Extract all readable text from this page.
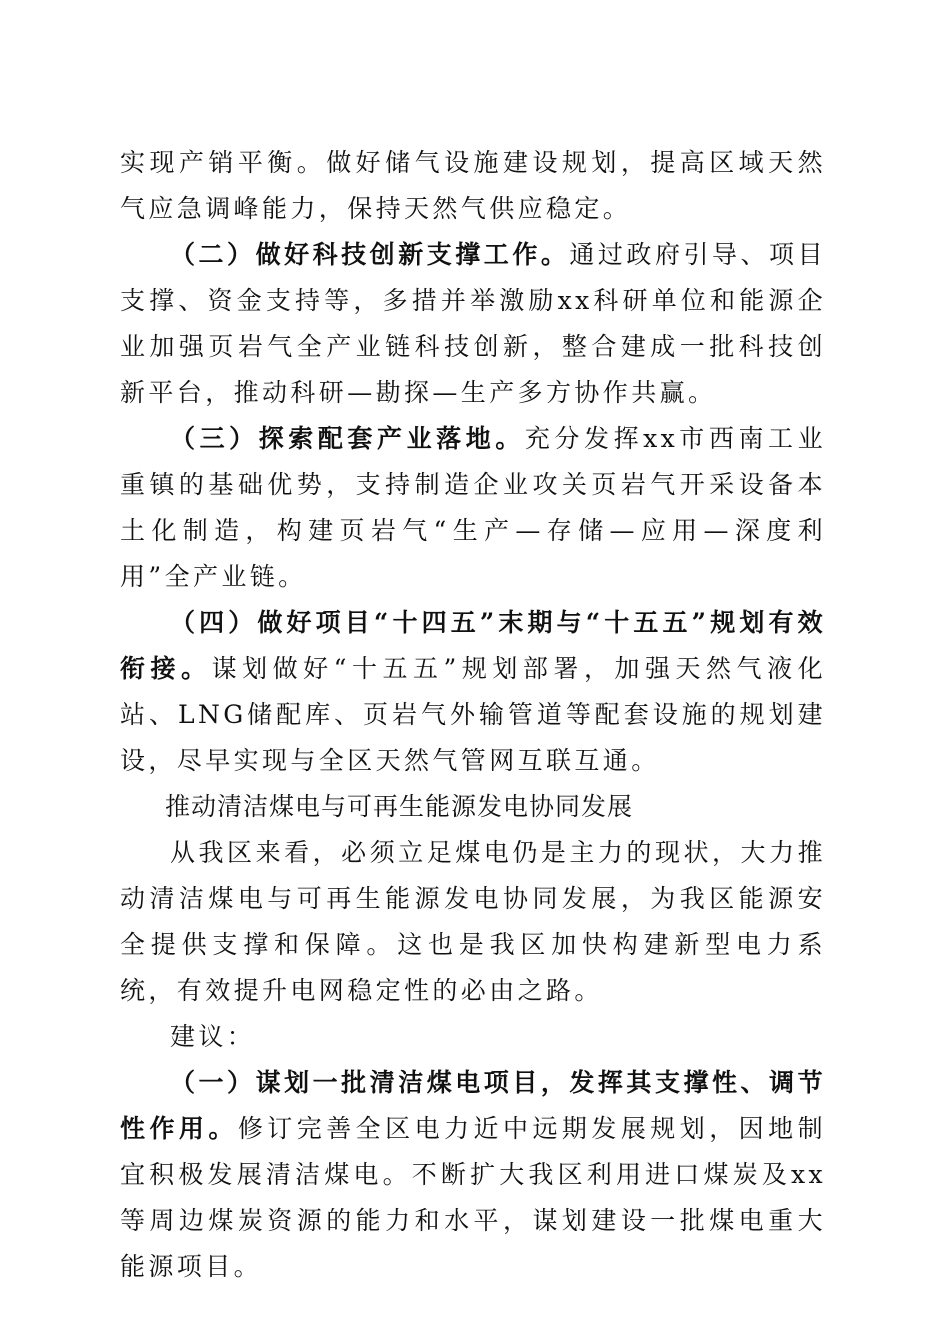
实现产销平衡。做好储气设施建设规划，提高区域天然气应急调峰能力，保持天然气供应稳定。

（二）做好科技创新支撑工作。通过政府引导、项目支撑、资金支持等，多措并举激励xx科研单位和能源企业加强页岩气全产业链科技创新，整合建成一批科技创新平台，推动科研—勘探—生产多方协作共赢。

（三）探索配套产业落地。充分发挥xx市西南工业重镇的基础优势，支持制造企业攻关页岩气开采设备本土化制造，构建页岩气“生产—存储—应用—深度利用”全产业链。

（四）做好项目“十四五”末期与“十五五”规划有效衔接。谋划做好“十五五”规划部署，加强天然气液化站、LNG储配库、页岩气外输管道等配套设施的规划建设，尽早实现与全区天然气管网互联互通。

推动清洁煤电与可再生能源发电协同发展

从我区来看，必须立足煤电仍是主力的现状，大力推动清洁煤电与可再生能源发电协同发展，为我区能源安全提供支撑和保障。这也是我区加快构建新型电力系统，有效提升电网稳定性的必由之路。

建议：

（一）谋划一批清洁煤电项目，发挥其支撑性、调节性作用。修订完善全区电力近中远期发展规划，因地制宜积极发展清洁煤电。不断扩大我区利用进口煤炭及xx等周边煤炭资源的能力和水平，谋划建设一批煤电重大能源项目。
